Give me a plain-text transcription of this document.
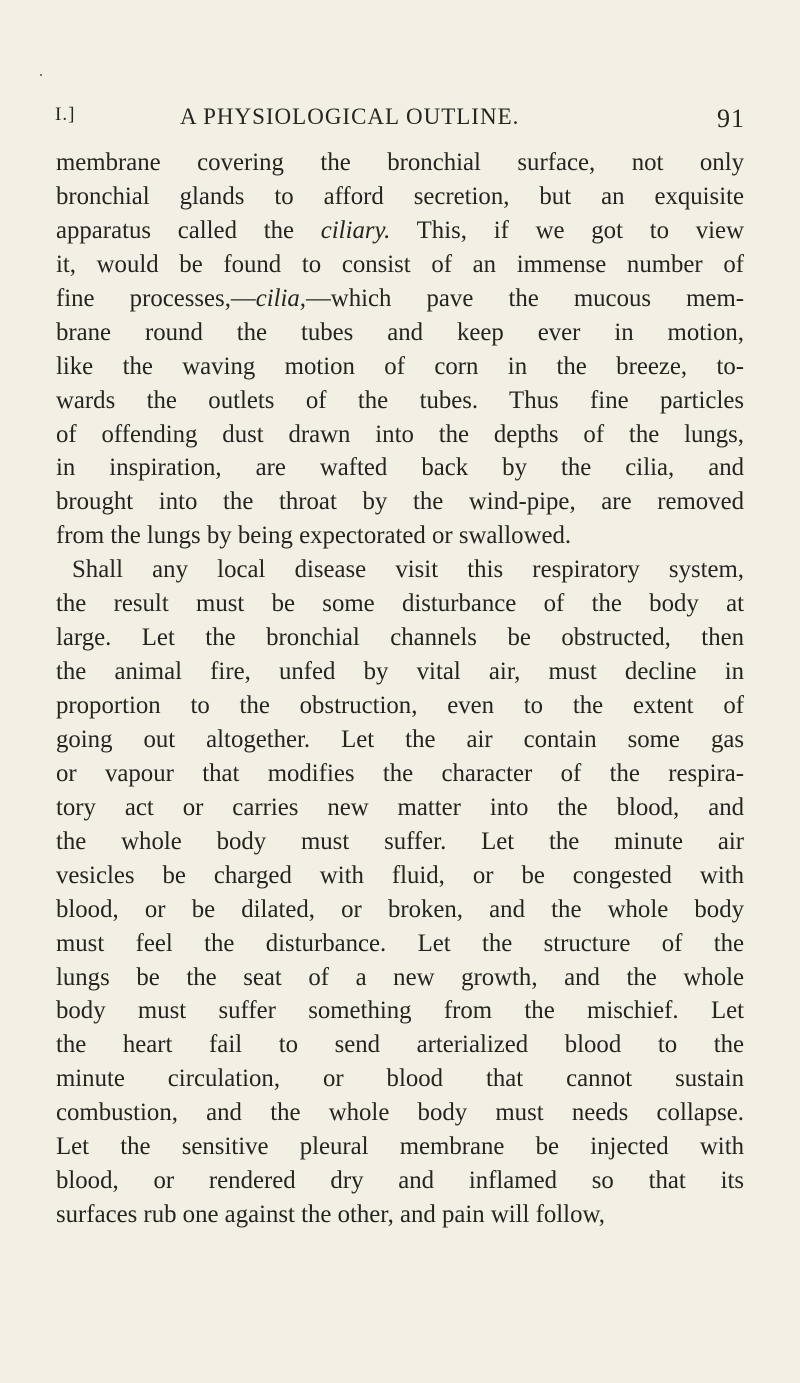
I.]	A PHYSIOLOGICAL OUTLINE.	91
membrane covering the bronchial surface, not only
bronchial glands to afford secretion, but an exquisite
apparatus called the ciliary. This, if we got to view
it, would be found to consist of an immense number of
fine processes,—cilia,—which pave the mucous mem-
brane round the tubes and keep ever in motion,
like the waving motion of corn in the breeze, to-
wards the outlets of the tubes. Thus fine particles
of offending dust drawn into the depths of the lungs,
in inspiration, are wafted back by the cilia, and
brought into the throat by the wind-pipe, are removed
from the lungs by being expectorated or swallowed.
Shall any local disease visit this respiratory system,
the result must be some disturbance of the body at
large. Let the bronchial channels be obstructed, then
the animal fire, unfed by vital air, must decline in
proportion to the obstruction, even to the extent of
going out altogether. Let the air contain some gas
or vapour that modifies the character of the respira-
tory act or carries new matter into the blood, and
the whole body must suffer. Let the minute air
vesicles be charged with fluid, or be congested with
blood, or be dilated, or broken, and the whole body
must feel the disturbance. Let the structure of the
lungs be the seat of a new growth, and the whole
body must suffer something from the mischief. Let
the heart fail to send arterialized blood to the
minute circulation, or blood that cannot sustain
combustion, and the whole body must needs collapse.
Let the sensitive pleural membrane be injected with
blood, or rendered dry and inflamed so that its
surfaces rub one against the other, and pain will follow,
